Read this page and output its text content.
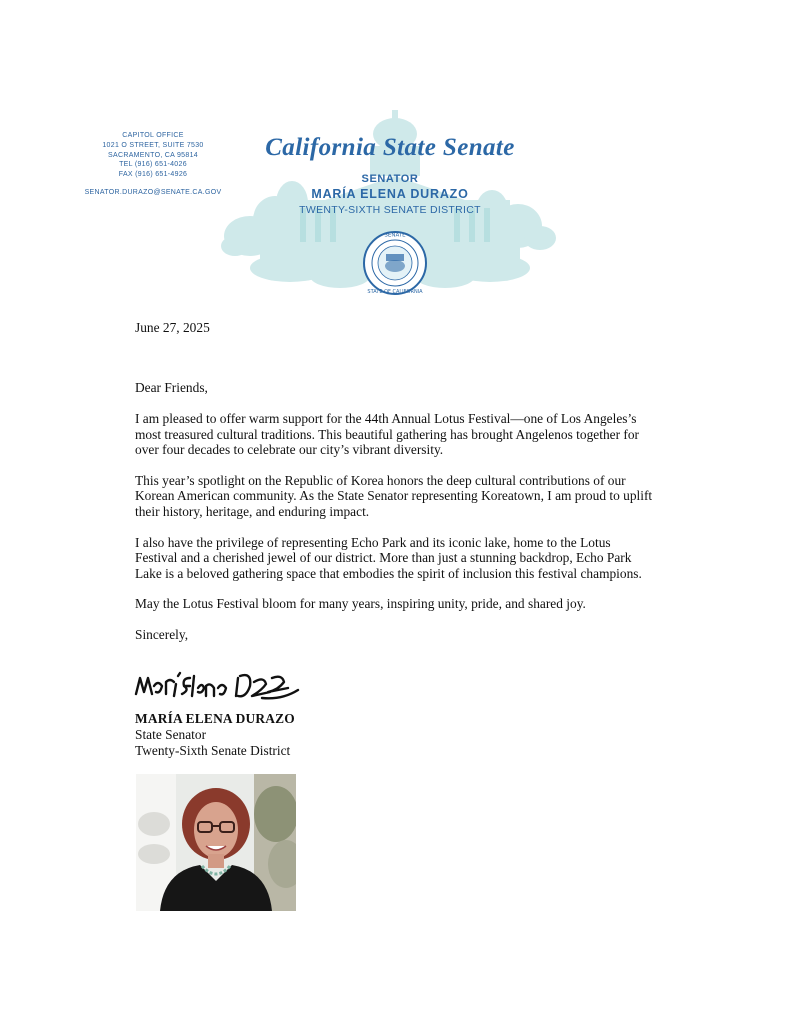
CAPITOL OFFICE
1021 O STREET, SUITE 7530
SACRAMENTO, CA 95814
TEL (916) 651-4026
FAX (916) 651-4926
SENATOR.DURAZO@SENATE.CA.GOV
SENATE
STATE OF CALIFORNIA
California State Senate
SENATOR
MARÍA ELENA DURAZO
TWENTY-SIXTH SENATE DISTRICT
June 27, 2025

Dear Friends,

I am pleased to offer warm support for the 44th Annual Lotus Festival—one of Los Angeles’s most treasured cultural traditions. This beautiful gathering has brought Angelenos together for over four decades to celebrate our city’s vibrant diversity.

This year’s spotlight on the Republic of Korea honors the deep cultural contributions of our Korean American community. As the State Senator representing Koreatown, I am proud to uplift their history, heritage, and enduring impact.

I also have the privilege of representing Echo Park and its iconic lake, home to the Lotus Festival and a cherished jewel of our district. More than just a stunning backdrop, Echo Park Lake is a beloved gathering space that embodies the spirit of inclusion this festival champions.

May the Lotus Festival bloom for many years, inspiring unity, pride, and shared joy.

Sincerely,
MARÍA ELENA DURAZO
State Senator
Twenty-Sixth Senate District
